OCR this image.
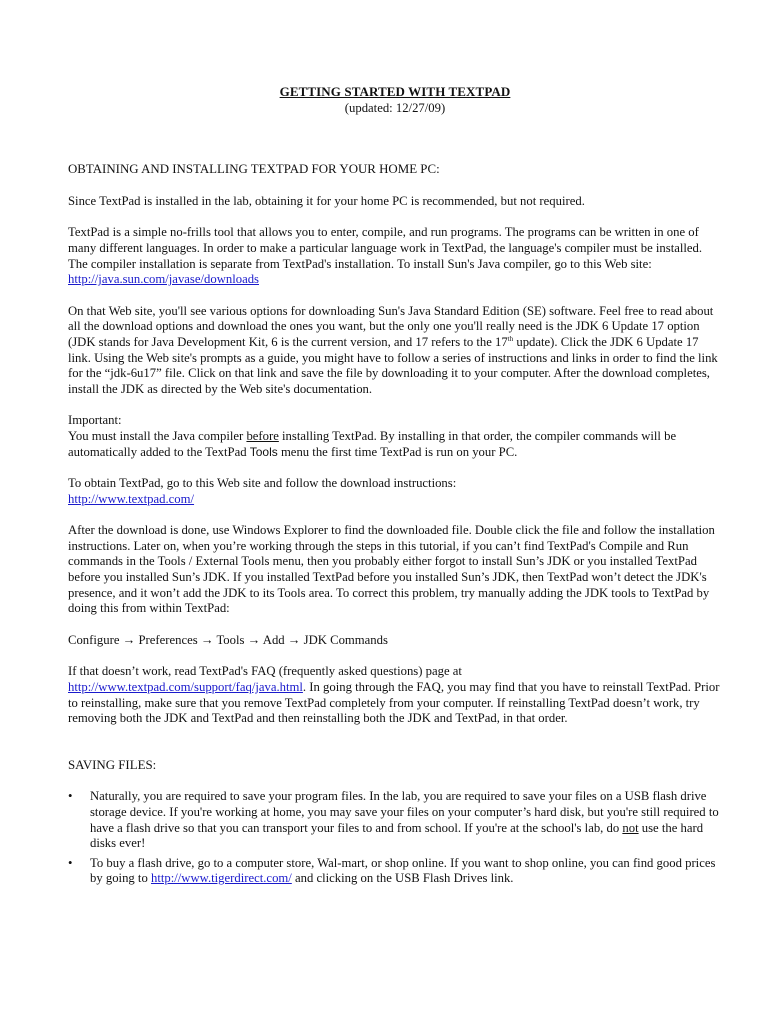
GETTING STARTED WITH TEXTPAD
(updated: 12/27/09)

OBTAINING AND INSTALLING TEXTPAD FOR YOUR HOME PC:

Since TextPad is installed in the lab, obtaining it for your home PC is recommended, but not required.

TextPad is a simple no-frills tool that allows you to enter, compile, and run programs. The programs can be written in one of many different languages. In order to make a particular language work in TextPad, the language's compiler must be installed. The compiler installation is separate from TextPad's installation. To install Sun's Java compiler, go to this Web site:
http://java.sun.com/javase/downloads

On that Web site, you'll see various options for downloading Sun's Java Standard Edition (SE) software. Feel free to read about all the download options and download the ones you want, but the only one you'll really need is the JDK 6 Update 17 option (JDK stands for Java Development Kit, 6 is the current version, and 17 refers to the 17th update). Click the JDK 6 Update 17 link. Using the Web site's prompts as a guide, you might have to follow a series of instructions and links in order to find the link for the “jdk-6u17” file. Click on that link and save the file by downloading it to your computer. After the download completes, install the JDK as directed by the Web site's documentation.

Important:
You must install the Java compiler before installing TextPad. By installing in that order, the compiler commands will be automatically added to the TextPad Tools menu the first time TextPad is run on your PC.

To obtain TextPad, go to this Web site and follow the download instructions:
http://www.textpad.com/

After the download is done, use Windows Explorer to find the downloaded file. Double click the file and follow the installation instructions. Later on, when you’re working through the steps in this tutorial, if you can’t find TextPad's Compile and Run commands in the Tools / External Tools menu, then you probably either forgot to install Sun’s JDK or you installed TextPad before you installed Sun’s JDK. If you installed TextPad before you installed Sun’s JDK, then TextPad won’t detect the JDK's presence, and it won’t add the JDK to its Tools area. To correct this problem, try manually adding the JDK tools to TextPad by doing this from within TextPad:

Configure → Preferences → Tools → Add → JDK Commands

If that doesn’t work, read TextPad's FAQ (frequently asked questions) page at
http://www.textpad.com/support/faq/java.html. In going through the FAQ, you may find that you have to reinstall TextPad. Prior to reinstalling, make sure that you remove TextPad completely from your computer. If reinstalling TextPad doesn’t work, try removing both the JDK and TextPad and then reinstalling both the JDK and TextPad, in that order.

SAVING FILES:

• Naturally, you are required to save your program files. In the lab, you are required to save your files on a USB flash drive storage device. If you're working at home, you may save your files on your computer’s hard disk, but you're still required to have a flash drive so that you can transport your files to and from school. If you're at the school's lab, do not use the hard disks ever!
• To buy a flash drive, go to a computer store, Wal-mart, or shop online. If you want to shop online, you can find good prices by going to http://www.tigerdirect.com/ and clicking on the USB Flash Drives link.
